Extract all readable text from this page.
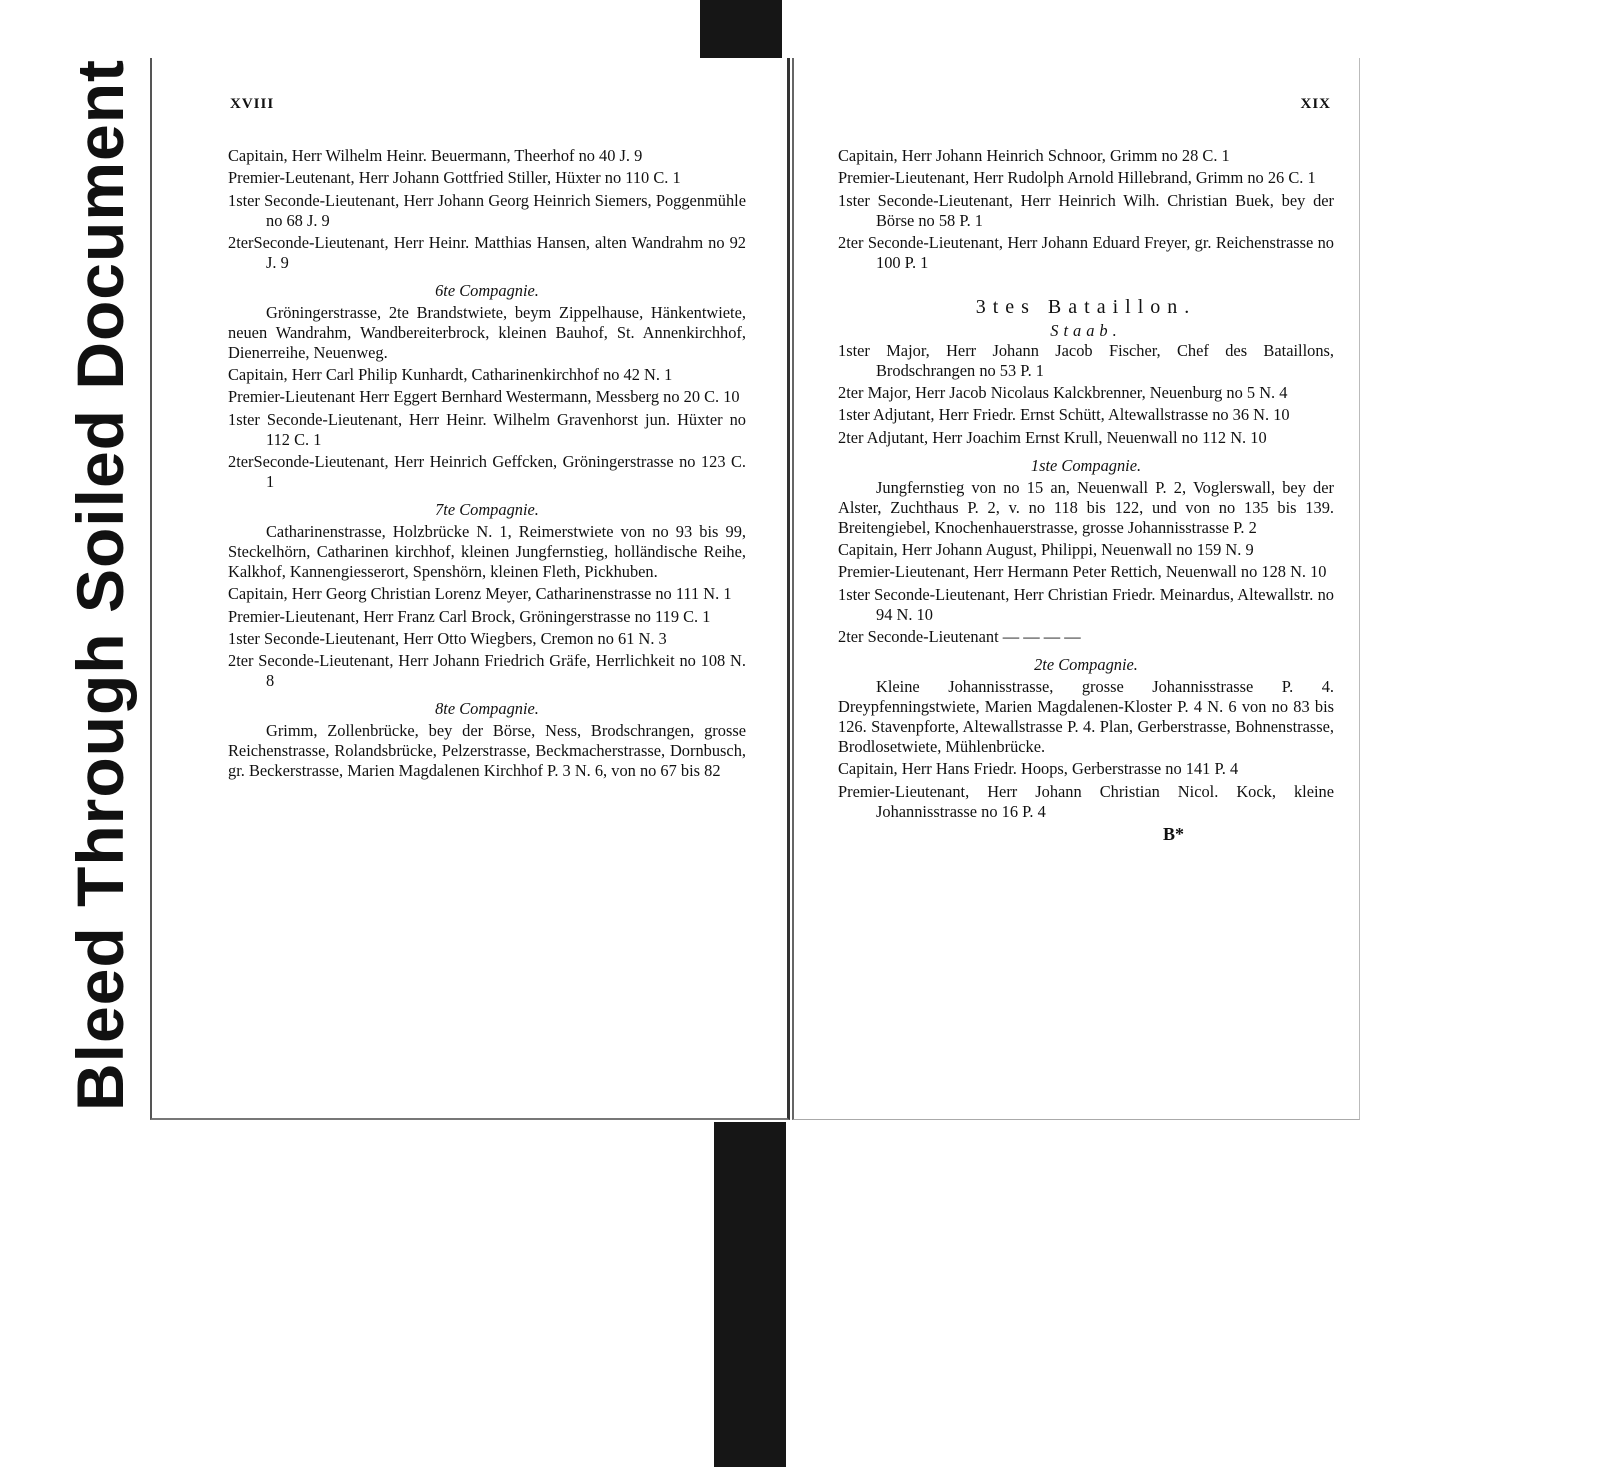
Bleed Through Soiled Document	XVIII
Capitain, Herr Wilhelm Heinr. Beuermann, Theerhof no 40 J. 9
Premier-Leutenant, Herr Johann Gottfried Stiller, Hüxter no 110 C. 1
1ster Seconde-Lieutenant, Herr Johann Georg Heinrich Siemers, Poggenmühle no 68 J. 9
2terSeconde-Lieutenant, Herr Heinr. Matthias Hansen, alten Wandrahm no 92 J. 9
6te Compagnie.
Gröningerstrasse, 2te Brandstwiete, beym Zippelhause, Hänkentwiete, neuen Wandrahm, Wandbereiterbrock, kleinen Bauhof, St. Annenkirchhof, Dienerreihe, Neuenweg.
Capitain, Herr Carl Philip Kunhardt, Catharinenkirchhof no 42 N. 1
Premier-Lieutenant Herr Eggert Bernhard Westermann, Messberg no 20 C. 10
1ster Seconde-Lieutenant, Herr Heinr. Wilhelm Gravenhorst jun. Hüxter no 112 C. 1
2terSeconde-Lieutenant, Herr Heinrich Geffcken, Gröningerstrasse no 123 C. 1
7te Compagnie.
Catharinenstrasse, Holzbrücke N. 1, Reimerstwiete von no 93 bis 99, Steckelhörn, Catharinen kirchhof, kleinen Jungfernstieg, holländische Reihe, Kalkhof, Kannengiesserort, Spenshörn, kleinen Fleth, Pickhuben.
Capitain, Herr Georg Christian Lorenz Meyer, Catharinenstrasse no 111 N. 1
Premier-Lieutenant, Herr Franz Carl Brock, Gröningerstrasse no 119 C. 1
1ster Seconde-Lieutenant, Herr Otto Wiegbers, Cremon no 61 N. 3
2ter Seconde-Lieutenant, Herr Johann Friedrich Gräfe, Herrlichkeit no 108 N. 8
8te Compagnie.
Grimm, Zollenbrücke, bey der Börse, Ness, Brodschrangen, grosse Reichenstrasse, Rolandsbrücke, Pelzerstrasse, Beckmacherstrasse, Dornbusch, gr. Beckerstrasse, Marien Magdalenen Kirchhof P. 3 N. 6, von no 67 bis 82
XIX
Capitain, Herr Johann Heinrich Schnoor, Grimm no 28 C. 1
Premier-Lieutenant, Herr Rudolph Arnold Hillebrand, Grimm no 26 C. 1
1ster Seconde-Lieutenant, Herr Heinrich Wilh. Christian Buek, bey der Börse no 58 P. 1
2ter Seconde-Lieutenant, Herr Johann Eduard Freyer, gr. Reichenstrasse no 100 P. 1
3tes Bataillon.
Staab.
1ster Major, Herr Johann Jacob Fischer, Chef des Bataillons, Brodschrangen no 53 P. 1
2ter Major, Herr Jacob Nicolaus Kalckbrenner, Neuenburg no 5 N. 4
1ster Adjutant, Herr Friedr. Ernst Schütt, Altewallstrasse no 36 N. 10
2ter Adjutant, Herr Joachim Ernst Krull, Neuenwall no 112 N. 10
1ste Compagnie.
Jungfernstieg von no 15 an, Neuenwall P. 2, Voglerswall, bey der Alster, Zuchthaus P. 2, v. no 118 bis 122, und von no 135 bis 139. Breitengiebel, Knochenhauerstrasse, grosse Johannisstrasse P. 2
Capitain, Herr Johann August, Philippi, Neuenwall no 159 N. 9
Premier-Lieutenant, Herr Hermann Peter Rettich, Neuenwall no 128 N. 10
1ster Seconde-Lieutenant, Herr Christian Friedr. Meinardus, Altewallstr. no 94 N. 10
2ter Seconde-Lieutenant — — — —
2te Compagnie.
Kleine Johannisstrasse, grosse Johannisstrasse P. 4. Dreypfenningstwiete, Marien Magdalenen-Kloster P. 4 N. 6 von no 83 bis 126. Stavenpforte, Altewallstrasse P. 4. Plan, Gerberstrasse, Bohnenstrasse, Brodlosetwiete, Mühlenbrücke.
Capitain, Herr Hans Friedr. Hoops, Gerberstrasse no 141 P. 4
Premier-Lieutenant, Herr Johann Christian Nicol. Kock, kleine Johannisstrasse no 16 P. 4
B*
